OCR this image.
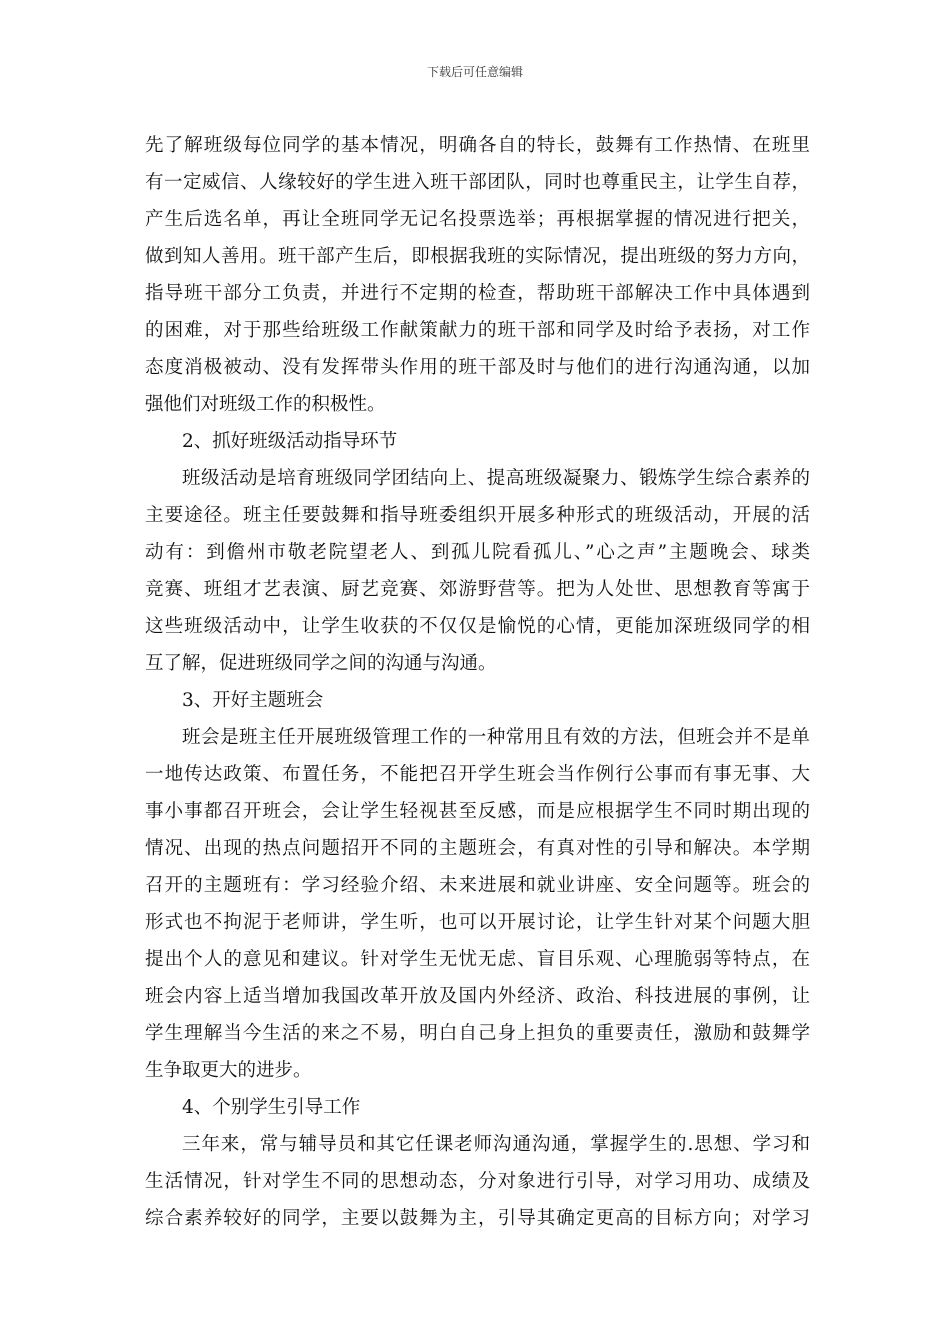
下载后可任意编辑
先了解班级每位同学的基本情况，明确各自的特长，鼓舞有工作热情、在班里
有一定威信、人缘较好的学生进入班干部团队，同时也尊重民主，让学生自荐，
产生后选名单，再让全班同学无记名投票选举；再根据掌握的情况进行把关，
做到知人善用。班干部产生后，即根据我班的实际情况，提出班级的努力方向，
指导班干部分工负责，并进行不定期的检查，帮助班干部解决工作中具体遇到
的困难，对于那些给班级工作献策献力的班干部和同学及时给予表扬，对工作
态度消极被动、没有发挥带头作用的班干部及时与他们的进行沟通沟通，以加
强他们对班级工作的积极性。
2、抓好班级活动指导环节
班级活动是培育班级同学团结向上、提高班级凝聚力、锻炼学生综合素养的
主要途径。班主任要鼓舞和指导班委组织开展多种形式的班级活动，开展的活
动有：到儋州市敬老院望老人、到孤儿院看孤儿、”心之声”主题晚会、球类
竞赛、班组才艺表演、厨艺竞赛、郊游野营等。把为人处世、思想教育等寓于
这些班级活动中，让学生收获的不仅仅是愉悦的心情，更能加深班级同学的相
互了解，促进班级同学之间的沟通与沟通。
3、开好主题班会
班会是班主任开展班级管理工作的一种常用且有效的方法，但班会并不是单
一地传达政策、布置任务，不能把召开学生班会当作例行公事而有事无事、大
事小事都召开班会，会让学生轻视甚至反感，而是应根据学生不同时期出现的
情况、出现的热点问题招开不同的主题班会，有真对性的引导和解决。本学期
召开的主题班有：学习经验介绍、未来进展和就业讲座、安全问题等。班会的
形式也不拘泥于老师讲，学生听，也可以开展讨论，让学生针对某个问题大胆
提出个人的意见和建议。针对学生无忧无虑、盲目乐观、心理脆弱等特点，在
班会内容上适当增加我国改革开放及国内外经济、政治、科技进展的事例，让
学生理解当今生活的来之不易，明白自己身上担负的重要责任，激励和鼓舞学
生争取更大的进步。
4、个别学生引导工作
三年来，常与辅导员和其它任课老师沟通沟通，掌握学生的.思想、学习和
生活情况，针对学生不同的思想动态，分对象进行引导，对学习用功、成绩及
综合素养较好的同学，主要以鼓舞为主，引导其确定更高的目标方向；对学习
